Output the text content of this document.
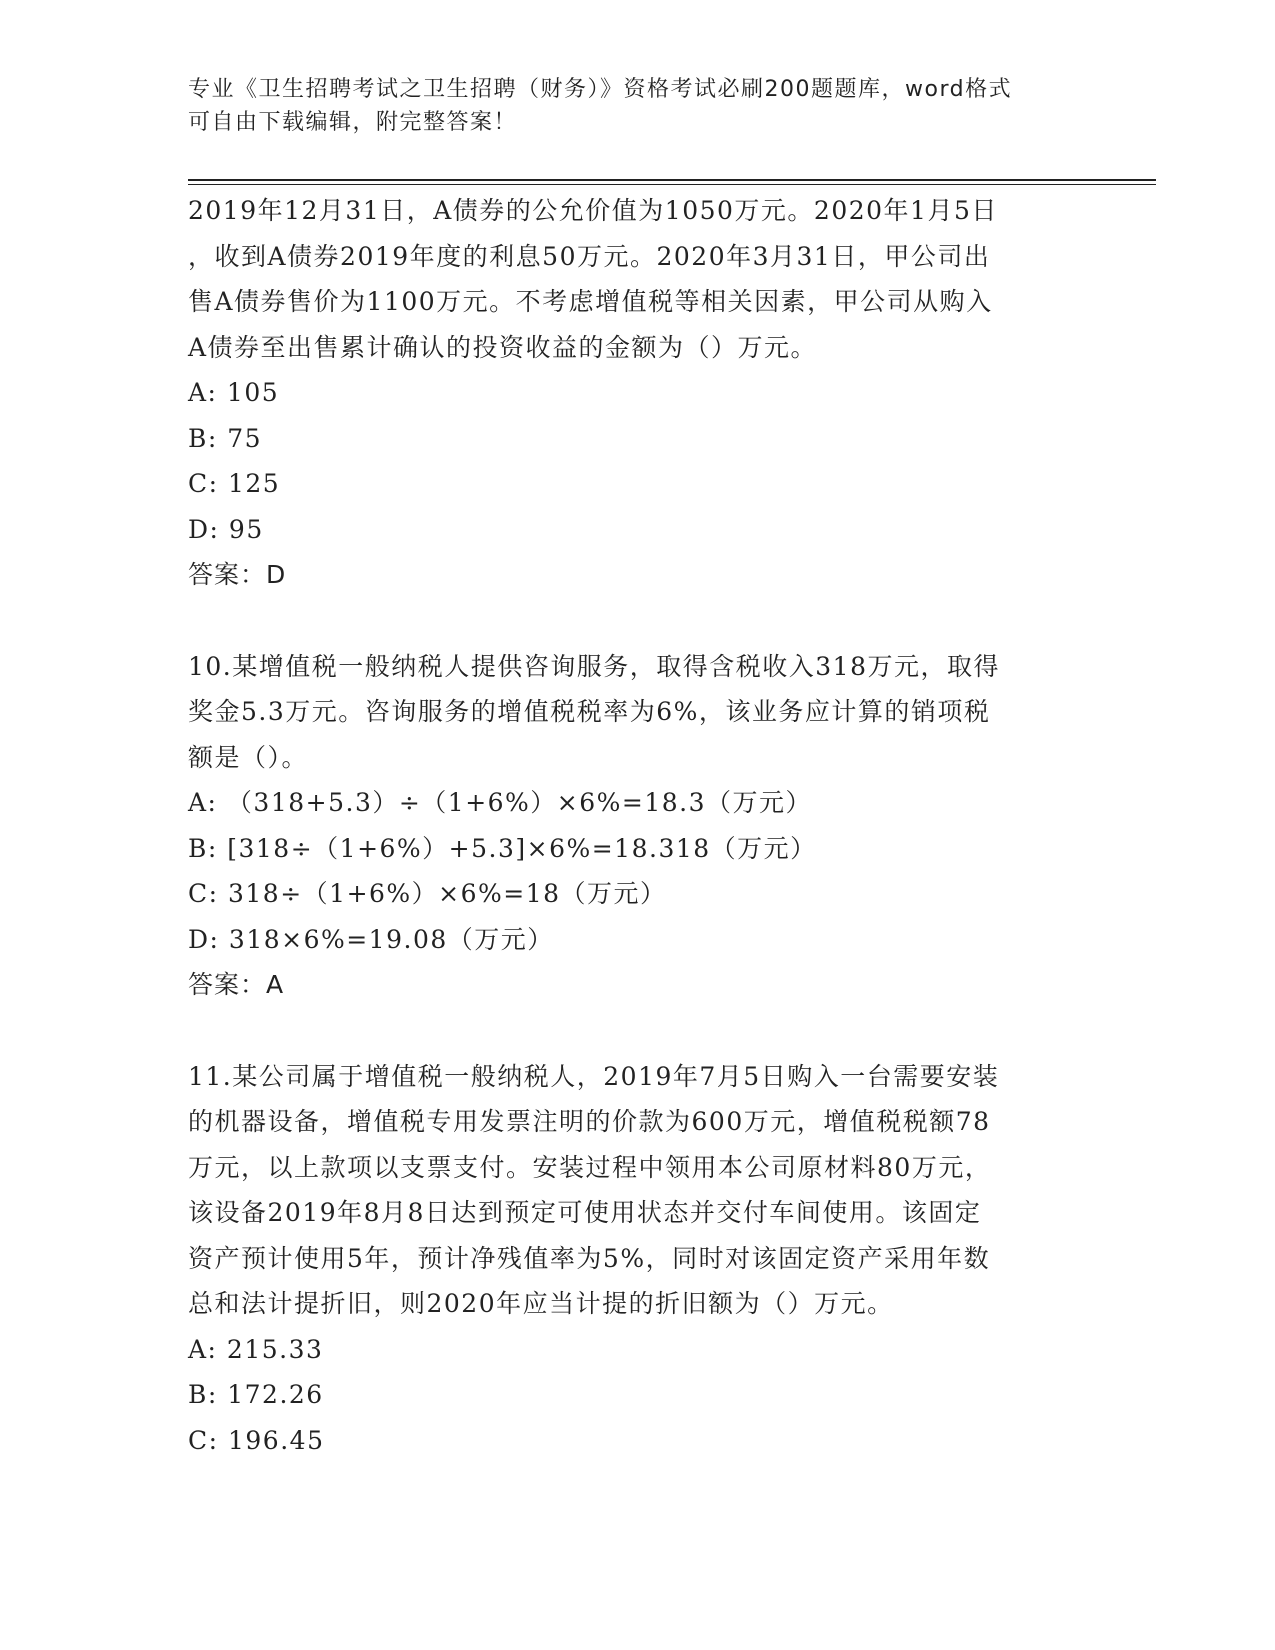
专业《卫生招聘考试之卫生招聘（财务）》资格考试必刷200题题库，word格式
可自由下载编辑，附完整答案！

2019年12月31日，A债券的公允价值为1050万元。2020年1月5日

，收到A债券2019年度的利息50万元。2020年3月31日，甲公司出

售A债券售价为1100万元。不考虑增值税等相关因素，甲公司从购入

A债券至出售累计确认的投资收益的金额为（）万元。

A: 105

B: 75

C: 125

D: 95

答案：D

10.某增值税一般纳税人提供咨询服务，取得含税收入318万元，取得

奖金5.3万元。咨询服务的增值税税率为6%，该业务应计算的销项税

额是（）。

A: （318+5.3）÷（1+6%）×6%=18.3（万元）

B: [318÷（1+6%）+5.3]×6%=18.318（万元）

C: 318÷（1+6%）×6%=18（万元）

D: 318×6%=19.08（万元）

答案：A

11.某公司属于增值税一般纳税人，2019年7月5日购入一台需要安装

的机器设备，增值税专用发票注明的价款为600万元，增值税税额78

万元，以上款项以支票支付。安装过程中领用本公司原材料80万元，

该设备2019年8月8日达到预定可使用状态并交付车间使用。该固定

资产预计使用5年，预计净残值率为5%，同时对该固定资产采用年数

总和法计提折旧，则2020年应当计提的折旧额为（）万元。

A: 215.33

B: 172.26

C: 196.45
